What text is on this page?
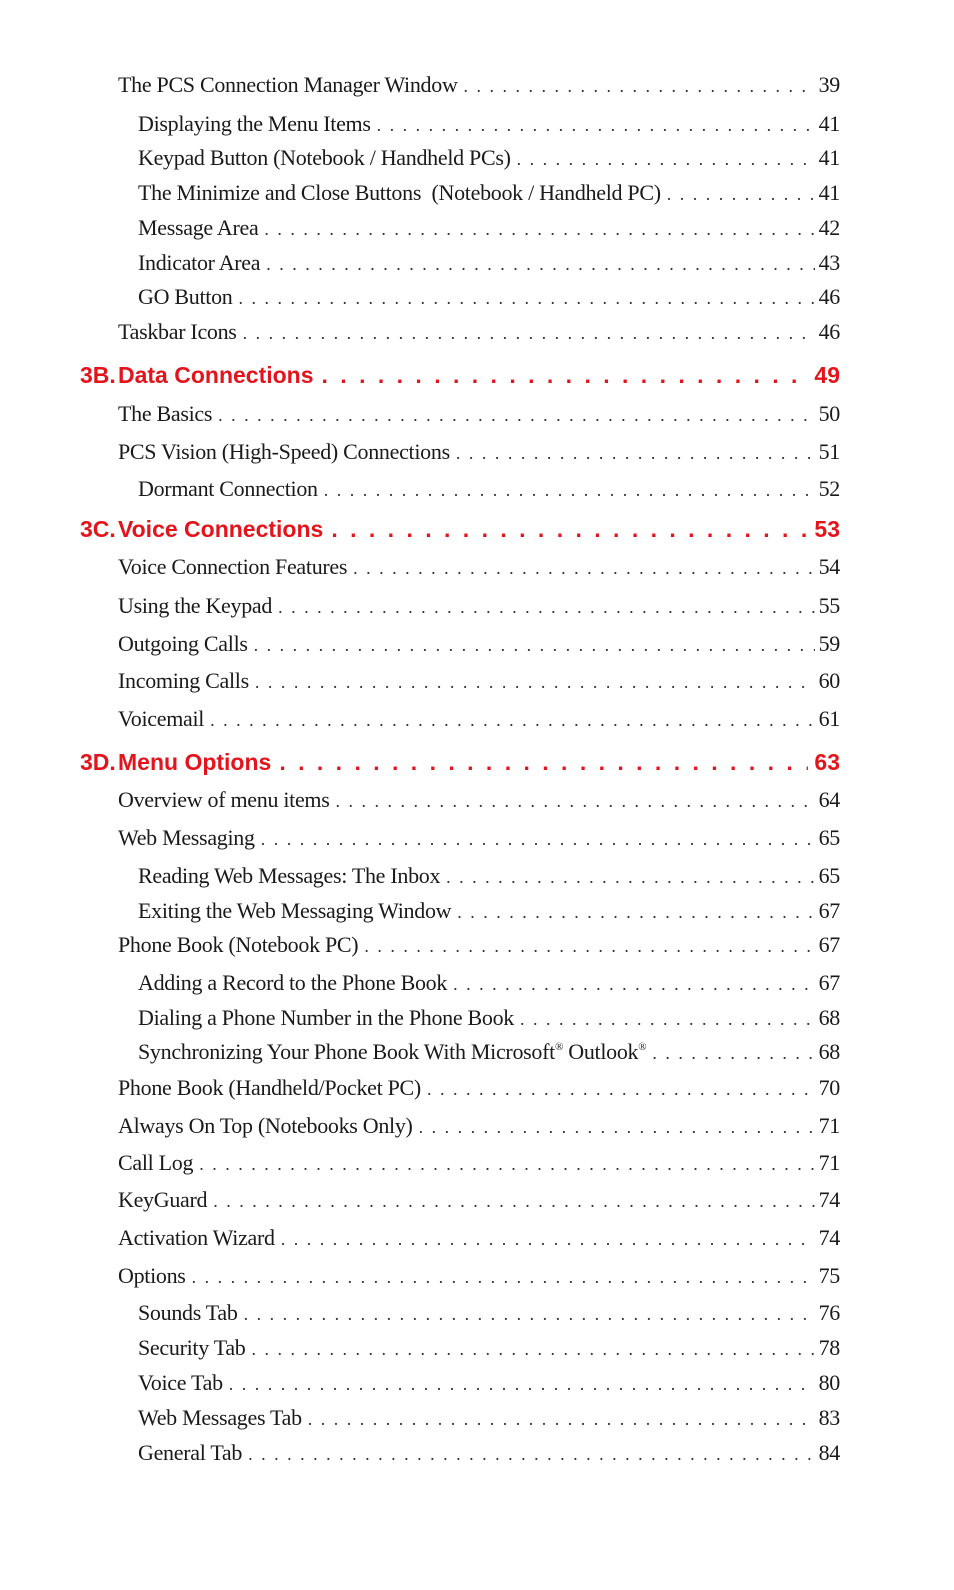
The PCS Connection Manager Window . . .	39
Displaying the Menu Items . . .	41
Keypad Button (Notebook / Handheld PCs) . . .	41
The Minimize and Close Buttons  (Notebook / Handheld PC) . . .	41
Message Area . . .	42
Indicator Area . . .	43
GO Button . . .	46
Taskbar Icons . . .	46
3B. Data Connections . . .	49
The Basics . . .	50
PCS Vision (High-Speed) Connections . . .	51
Dormant Connection . . .	52
3C. Voice Connections . . .	53
Voice Connection Features . . .	54
Using the Keypad . . .	55
Outgoing Calls . . .	59
Incoming Calls . . .	60
Voicemail . . .	61
3D. Menu Options . . .	63
Overview of menu items . . .	64
Web Messaging . . .	65
Reading Web Messages: The Inbox . . .	65
Exiting the Web Messaging Window . . .	67
Phone Book (Notebook PC) . . .	67
Adding a Record to the Phone Book . . .	67
Dialing a Phone Number in the Phone Book . . .	68
Synchronizing Your Phone Book With Microsoft® Outlook® . . .	68
Phone Book (Handheld/Pocket PC) . . .	70
Always On Top (Notebooks Only) . . .	71
Call Log . . .	71
KeyGuard . . .	74
Activation Wizard . . .	74
Options . . .	75
Sounds Tab . . .	76
Security Tab . . .	78
Voice Tab . . .	80
Web Messages Tab . . .	83
General Tab . . .	84
